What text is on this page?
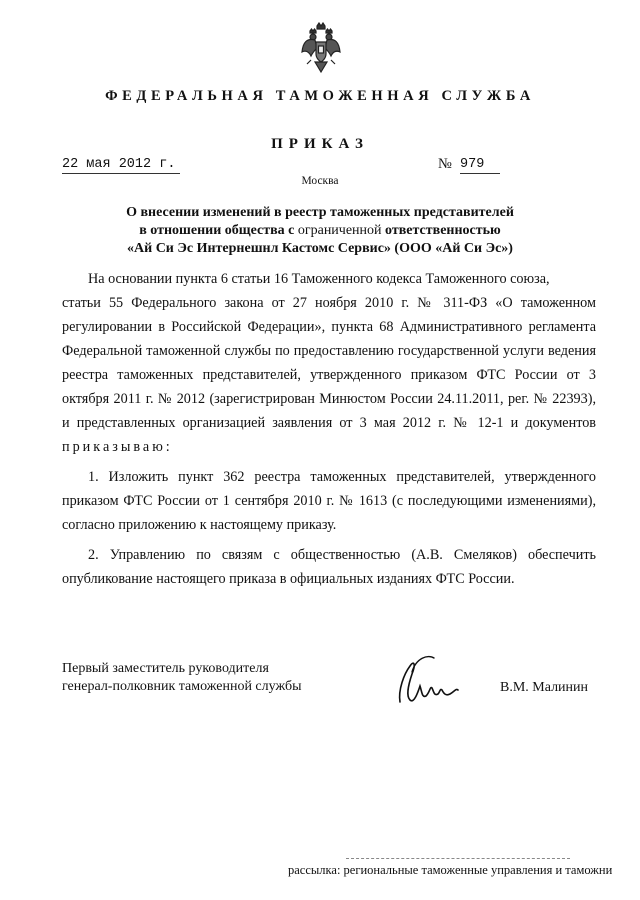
ФЕДЕРАЛЬНАЯ ТАМОЖЕННАЯ СЛУЖБА
ПРИКАЗ
22 мая 2012 г.	№ 979
Москва
О внесении изменений в реестр таможенных представителей
в отношении общества с ограниченной ответственностью
«Ай Си Эс Интернешнл Кастомс Сервис» (ООО «Ай Си Эс»)

На основании пункта 6 статьи 16 Таможенного кодекса Таможенного союза,
статьи 55 Федерального закона от 27 ноября 2010 г. № 311-ФЗ «О таможенном регулировании в Российской Федерации», пункта 68 Административного регламента Федеральной таможенной службы по предоставлению государственной услуги ведения реестра таможенных представителей, утвержденного приказом ФТС России от 3 октября 2011 г. № 2012 (зарегистрирован Минюстом России 24.11.2011, рег. № 22393), и представленных организацией заявления от 3 мая 2012 г. № 12-1 и документов приказываю:

1. Изложить пункт 362 реестра таможенных представителей, утвержденного приказом ФТС России от 1 сентября 2010 г. № 1613 (с последующими изменениями), согласно приложению к настоящему приказу.

2. Управлению по связям с общественностью (А.В. Смеляков) обеспечить опубликование настоящего приказа в официальных изданиях ФТС России.

Первый заместитель руководителя
генерал-полковник таможенной службы	В.М. Малинин
рассылка: региональные таможенные управления и таможни
